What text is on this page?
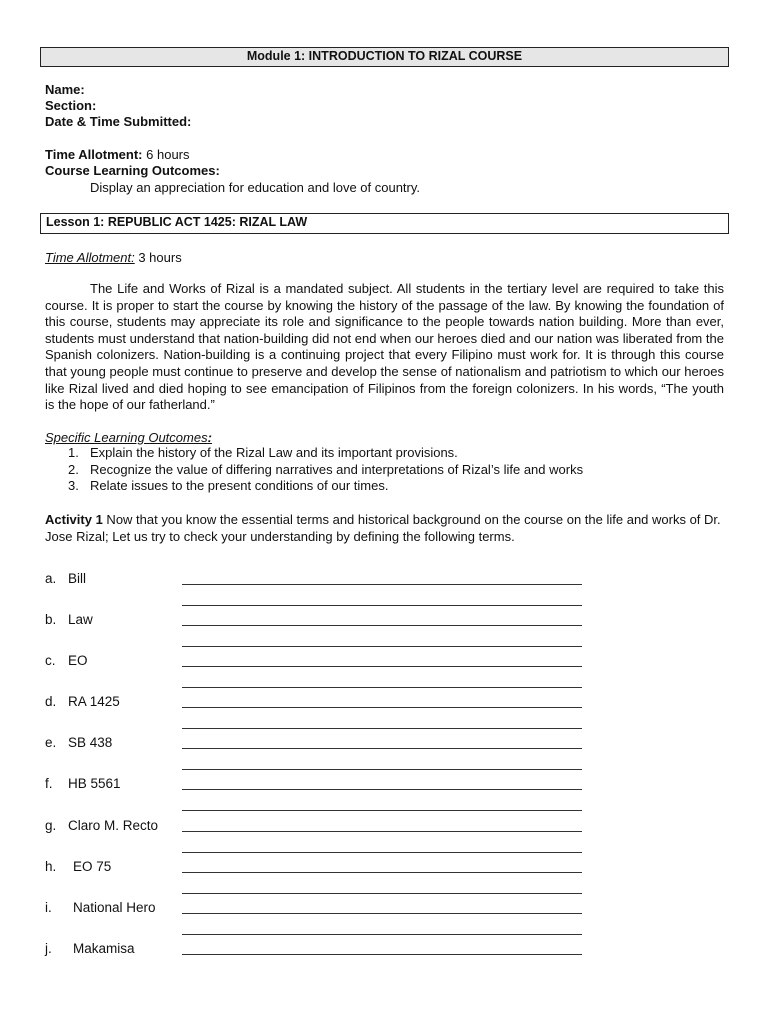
Module 1: INTRODUCTION TO RIZAL COURSE
Name:
Section:
Date & Time Submitted:
Time Allotment: 6 hours
Course Learning Outcomes:
Display an appreciation for education and love of country.
Lesson 1: REPUBLIC ACT 1425: RIZAL LAW
Time Allotment: 3 hours
The Life and Works of Rizal is a mandated subject. All students in the tertiary level are required to take this course. It is proper to start the course by knowing the history of the passage of the law. By knowing the foundation of this course, students may appreciate its role and significance to the people towards nation building. More than ever, students must understand that nation-building did not end when our heroes died and our nation was liberated from the Spanish colonizers. Nation-building is a continuing project that every Filipino must work for. It is through this course that young people must continue to preserve and develop the sense of nationalism and patriotism to which our heroes like Rizal lived and died hoping to see emancipation of Filipinos from the foreign colonizers. In his words, “The youth is the hope of our fatherland.”
Specific Learning Outcomes:
1. Explain the history of the Rizal Law and its important provisions.
2. Recognize the value of differing narratives and interpretations of Rizal’s life and works
3. Relate issues to the present conditions of our times.
Activity 1 Now that you know the essential terms and historical background on the course on the life and works of Dr. Jose Rizal; Let us try to check your understanding by defining the following terms.
a. Bill
b. Law
c. EO
d. RA 1425
e. SB 438
f. HB 5561
g. Claro M. Recto
h. EO 75
i. National Hero
j. Makamisa
